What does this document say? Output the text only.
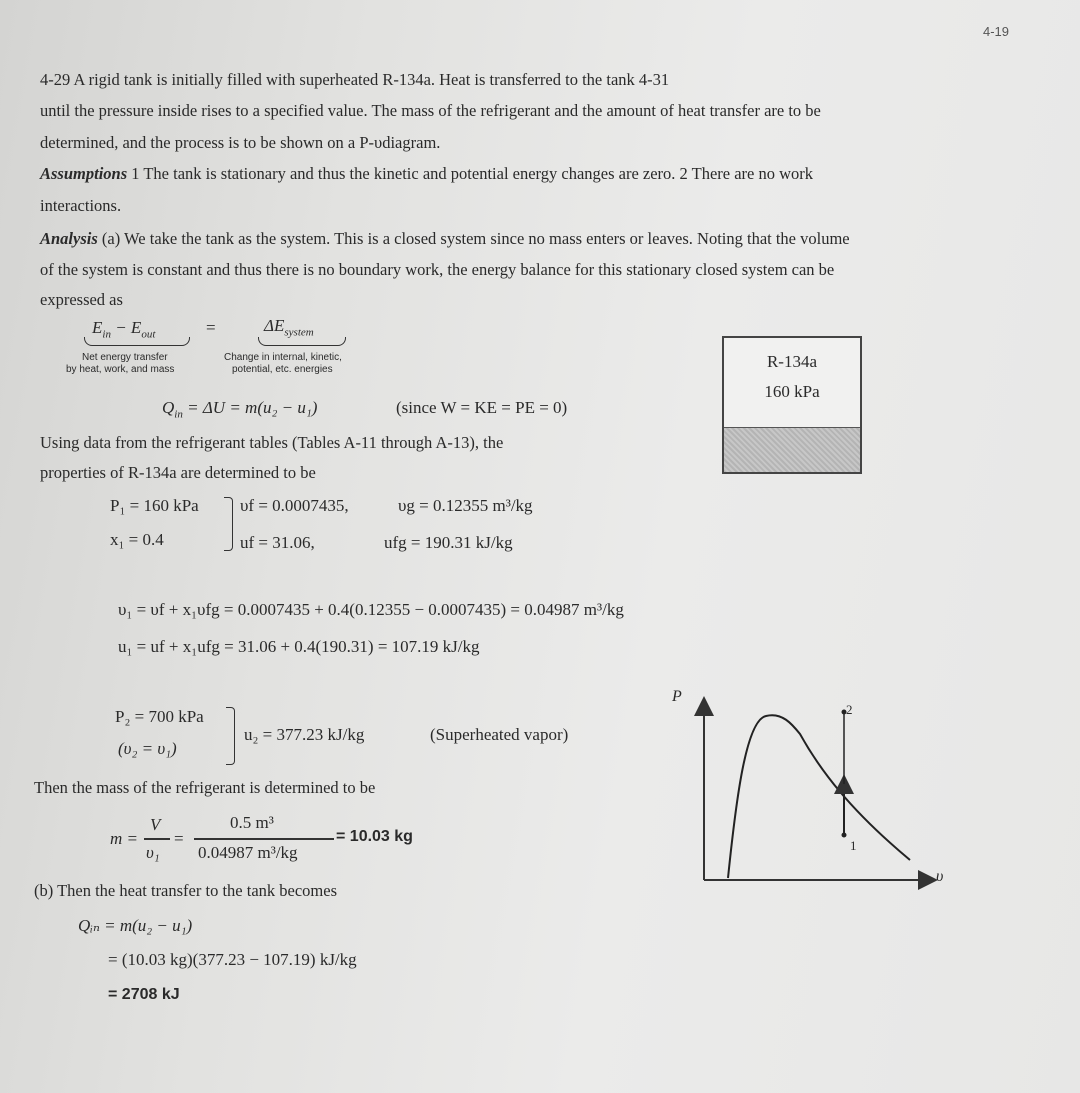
4-19
4-29 A rigid tank is initially filled with superheated R-134a. Heat is transferred to the tank 4-31
until the pressure inside rises to a specified value. The mass of the refrigerant and the amount of heat transfer are to be
determined, and the process is to be shown on a P-υdiagram.
Assumptions 1 The tank is stationary and thus the kinetic and potential energy changes are zero. 2 There are no work
interactions.
Analysis (a) We take the tank as the system. This is a closed system since no mass enters or leaves. Noting that the volume
of the system is constant and thus there is no boundary work, the energy balance for this stationary closed system can be
expressed as
$E_{in} - E_{out}$	=	$\Delta E_{system}$
Net energy transfer
by heat, work, and mass
Change in internal, kinetic,
potential, etc. energies
$Q_{in} = \Delta U = m(u_2 - u_1)$	(since W = KE = PE = 0)
Using data from the refrigerant tables (Tables A-11 through A-13), the
properties of R-134a are determined to be
P₁ = 160 kPa
x₁ = 0.4
υf = 0.0007435,	υg = 0.12355 m³/kg
uf = 31.06,	ufg = 190.31 kJ/kg
υ₁ = υf + x₁υfg = 0.0007435 + 0.4(0.12355 − 0.0007435) = 0.04987 m³/kg
u₁ = uf + x₁ufg = 31.06 + 0.4(190.31) = 107.19 kJ/kg
P₂ = 700 kPa
(υ₂ = υ₁)
u₂ = 377.23 kJ/kg	(Superheated vapor)
Then the mass of the refrigerant is determined to be
m =
V
υ₁
=
0.5 m³
0.04987 m³/kg
= 10.03 kg
(b) Then the heat transfer to the tank becomes
Qᵢₙ = m(u₂ − u₁)
= (10.03 kg)(377.23 − 107.19) kJ/kg
= 2708 kJ
R-134a
160 kPa
P
υ
1
2
